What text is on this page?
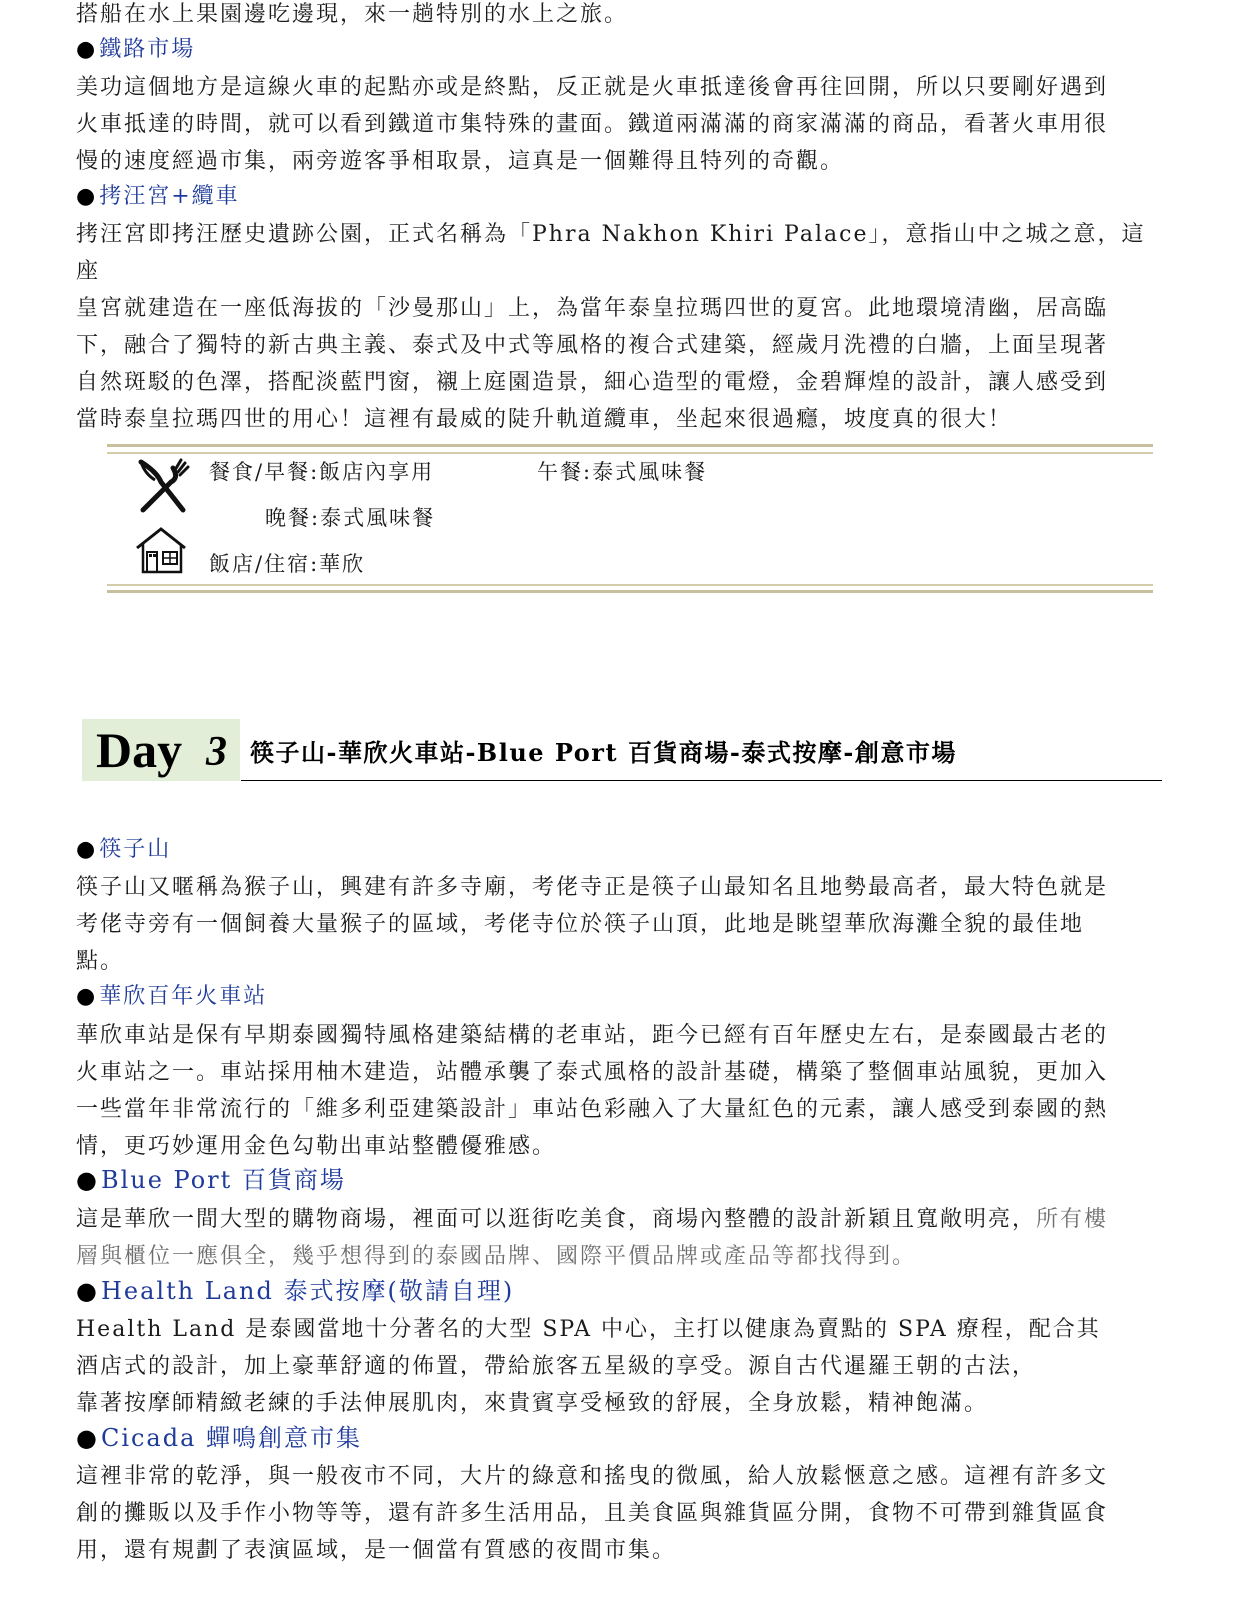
搭船在水上果園邊吃邊現，來一趟特別的水上之旅。

●鐵路市場

美功這個地方是這線火車的起點亦或是終點，反正就是火車抵達後會再往回開，所以只要剛好遇到
火車抵達的時間，就可以看到鐵道市集特殊的畫面。鐵道兩滿滿的商家滿滿的商品，看著火車用很
慢的速度經過市集，兩旁遊客爭相取景，這真是一個難得且特列的奇觀。

●拷汪宮+纜車

拷汪宮即拷汪歷史遺跡公園，正式名稱為「Phra Nakhon Khiri Palace」，意指山中之城之意，這座
皇宮就建造在一座低海拔的「沙曼那山」上，為當年泰皇拉瑪四世的夏宮。此地環境清幽，居高臨
下，融合了獨特的新古典主義、泰式及中式等風格的複合式建築，經歲月洗禮的白牆，上面呈現著
自然斑駁的色澤，搭配淡藍門窗，襯上庭園造景，細心造型的電燈，金碧輝煌的設計，讓人感受到
當時泰皇拉瑪四世的用心！這裡有最威的陡升軌道纜車，坐起來很過癮，坡度真的很大！

餐食/早餐:飯店內享用	午餐:泰式風味餐
晚餐:泰式風味餐
飯店/住宿:華欣
Day 3 筷子山-華欣火車站-Blue Port 百貨商場-泰式按摩-創意市場
●筷子山

筷子山又暱稱為猴子山，興建有許多寺廟，考佬寺正是筷子山最知名且地勢最高者，最大特色就是
考佬寺旁有一個飼養大量猴子的區域，考佬寺位於筷子山頂，此地是眺望華欣海灘全貌的最佳地
點。

●華欣百年火車站

華欣車站是保有早期泰國獨特風格建築結構的老車站，距今已經有百年歷史左右，是泰國最古老的
火車站之一。車站採用柚木建造，站體承襲了泰式風格的設計基礎，構築了整個車站風貌，更加入
一些當年非常流行的「維多利亞建築設計」車站色彩融入了大量紅色的元素，讓人感受到泰國的熱
情，更巧妙運用金色勾勒出車站整體優雅感。

●Blue Port 百貨商場

這是華欣一間大型的購物商場，裡面可以逛街吃美食，商場內整體的設計新穎且寬敞明亮，所有樓
層與櫃位一應俱全，幾乎想得到的泰國品牌、國際平價品牌或產品等都找得到。

●Health Land 泰式按摩(敬請自理)

Health Land 是泰國當地十分著名的大型 SPA 中心，主打以健康為賣點的 SPA 療程，配合其
酒店式的設計，加上豪華舒適的佈置，帶給旅客五星級的享受。源自古代暹羅王朝的古法，
靠著按摩師精緻老練的手法伸展肌肉，來貴賓享受極致的舒展，全身放鬆，精神飽滿。

●Cicada 蟬鳴創意市集

這裡非常的乾淨，與一般夜市不同，大片的綠意和搖曳的微風，給人放鬆愜意之感。這裡有許多文
創的攤販以及手作小物等等，還有許多生活用品，且美食區與雜貨區分開，食物不可帶到雜貨區食
用，還有規劃了表演區域，是一個當有質感的夜間市集。
